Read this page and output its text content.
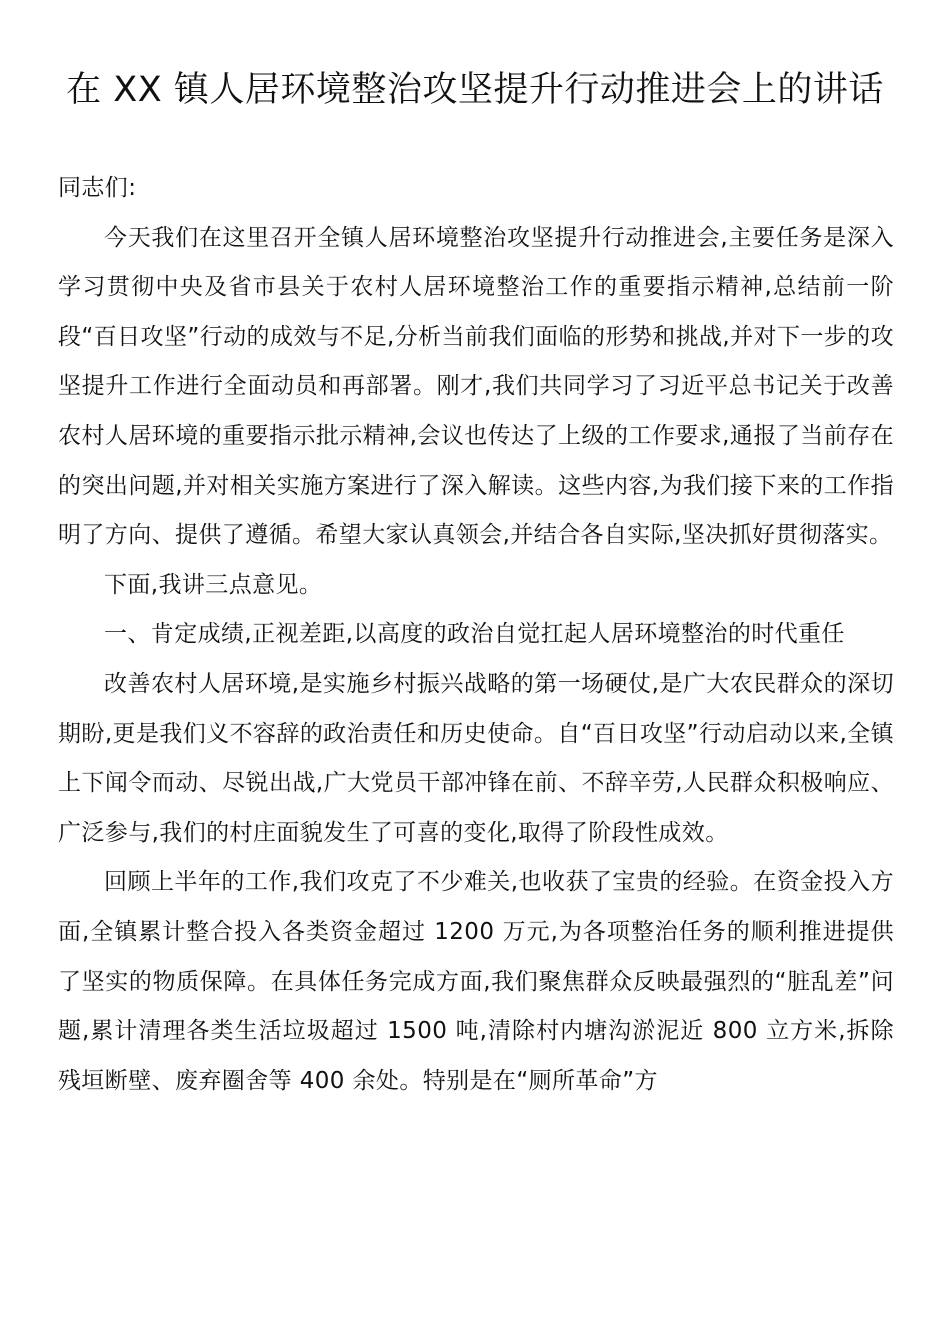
在 XX 镇人居环境整治攻坚提升行动推进会上的讲话

同志们:

今天我们在这里召开全镇人居环境整治攻坚提升行动推进会,主要任务是深入学习贯彻中央及省市县关于农村人居环境整治工作的重要指示精神,总结前一阶段“百日攻坚”行动的成效与不足,分析当前我们面临的形势和挑战,并对下一步的攻坚提升工作进行全面动员和再部署。刚才,我们共同学习了习近平总书记关于改善农村人居环境的重要指示批示精神,会议也传达了上级的工作要求,通报了当前存在的突出问题,并对相关实施方案进行了深入解读。这些内容,为我们接下来的工作指明了方向、提供了遵循。希望大家认真领会,并结合各自实际,坚决抓好贯彻落实。

下面,我讲三点意见。

一、肯定成绩,正视差距,以高度的政治自觉扛起人居环境整治的时代重任

改善农村人居环境,是实施乡村振兴战略的第一场硬仗,是广大农民群众的深切期盼,更是我们义不容辞的政治责任和历史使命。自“百日攻坚”行动启动以来,全镇上下闻令而动、尽锐出战,广大党员干部冲锋在前、不辞辛劳,人民群众积极响应、广泛参与,我们的村庄面貌发生了可喜的变化,取得了阶段性成效。

回顾上半年的工作,我们攻克了不少难关,也收获了宝贵的经验。在资金投入方面,全镇累计整合投入各类资金超过 1200 万元,为各项整治任务的顺利推进提供了坚实的物质保障。在具体任务完成方面,我们聚焦群众反映最强烈的“脏乱差”问题,累计清理各类生活垃圾超过 1500 吨,清除村内塘沟淤泥近 800 立方米,拆除残垣断壁、废弃圈舍等 400 余处。特别是在“厕所革命”方
